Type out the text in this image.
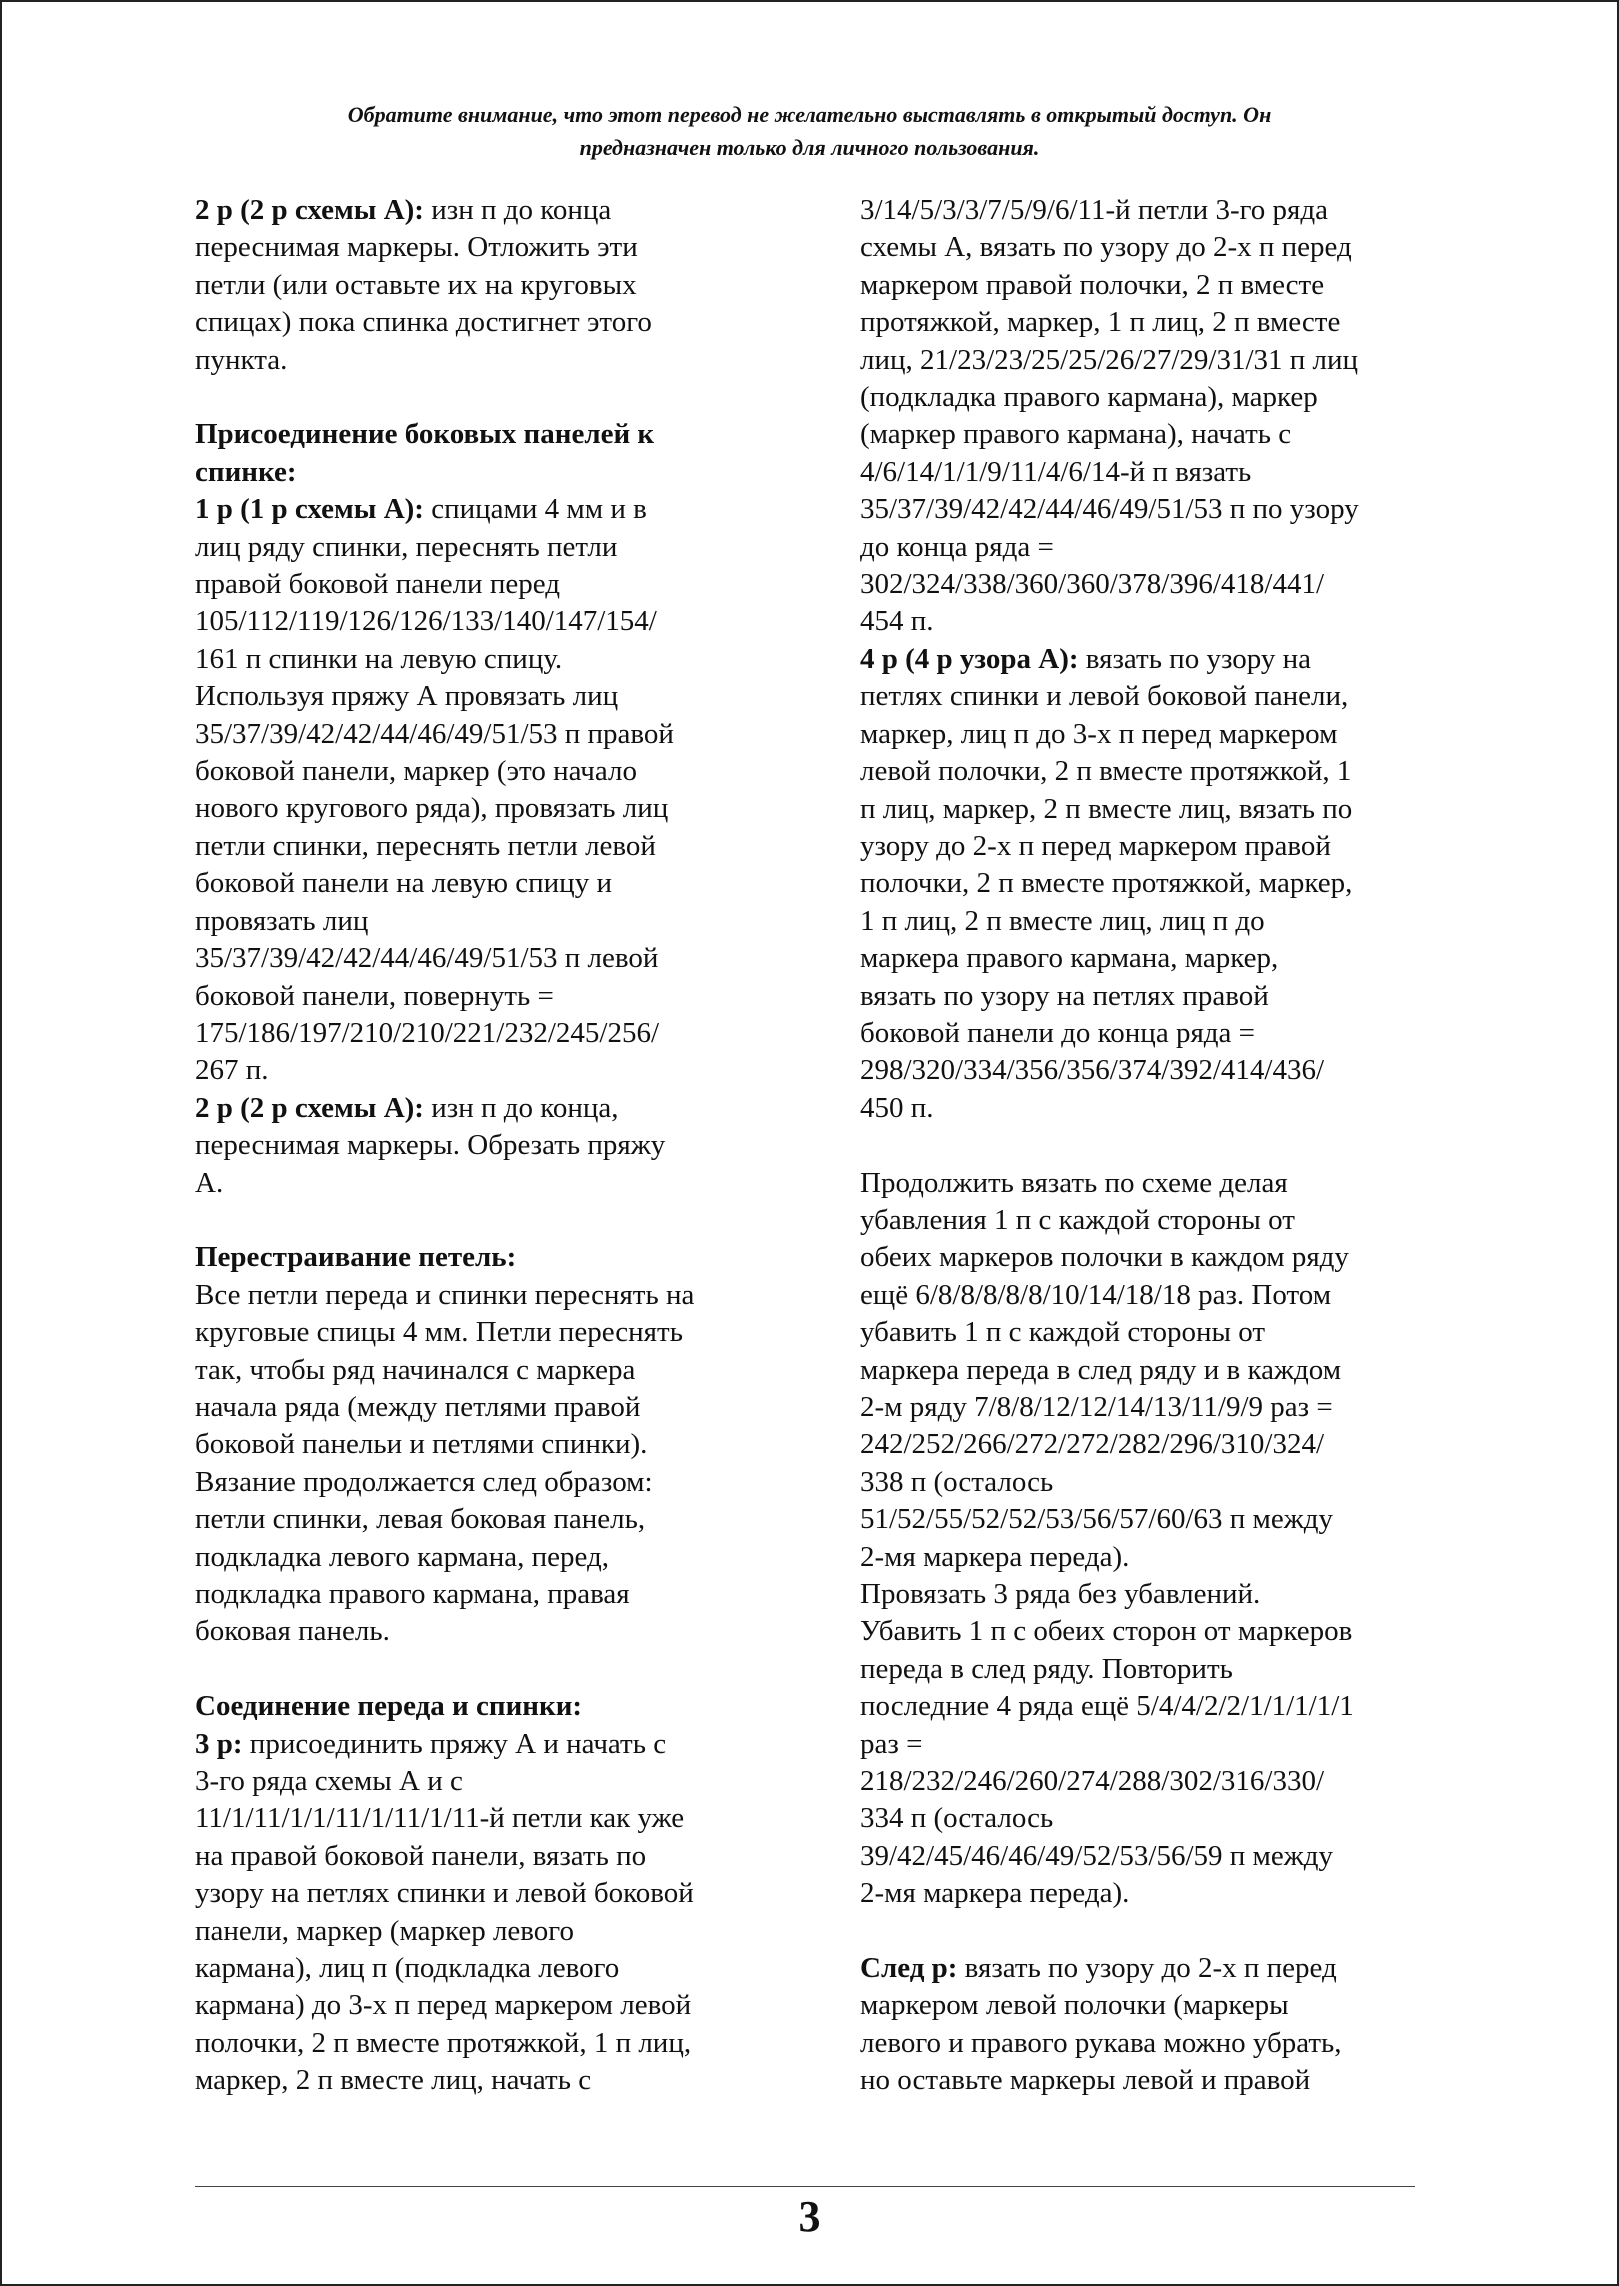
Обратите внимание, что этот перевод не желательно выставлять в открытый доступ. Он
предназначен только для личного пользования.

2 р (2 р схемы А): изн п до конца
переснимая маркеры. Отложить эти
петли (или оставьте их на круговых
спицах) пока спинка достигнет этого
пункта.

Присоединение боковых панелей к
спинке:

1 р (1 р схемы А): спицами 4 мм и в
лиц ряду спинки, переснять петли
правой боковой панели перед
105/112/119/126/126/133/140/147/154/
161 п спинки на левую спицу.
Используя пряжу А провязать лиц
35/37/39/42/42/44/46/49/51/53 п правой
боковой панели, маркер (это начало
нового кругового ряда), провязать лиц
петли спинки, переснять петли левой
боковой панели на левую спицу и
провязать лиц
35/37/39/42/42/44/46/49/51/53 п левой
боковой панели, повернуть =
175/186/197/210/210/221/232/245/256/
267 п.

2 р (2 р схемы А): изн п до конца,
переснимая маркеры. Обрезать пряжу
А.

Перестраивание петель:

Все петли переда и спинки переснять на
круговые спицы 4 мм. Петли переснять
так, чтобы ряд начинался с маркера
начала ряда (между петлями правой
боковой панельи и петлями спинки).
Вязание продолжается след образом:
петли спинки, левая боковая панель,
подкладка левого кармана, перед,
подкладка правого кармана, правая
боковая панель.

Соединение переда и спинки:

3 р: присоединить пряжу А и начать с
3-го ряда схемы А и с
11/1/11/1/1/11/1/11/1/11-й петли как уже
на правой боковой панели, вязать по
узору на петлях спинки и левой боковой
панели, маркер (маркер левого
кармана), лиц п (подкладка левого
кармана) до 3-х п перед маркером левой
полочки, 2 п вместе протяжкой, 1 п лиц,
маркер, 2 п вместе лиц, начать с

3/14/5/3/3/7/5/9/6/11-й петли 3-го ряда
схемы А, вязать по узору до 2-х п перед
маркером правой полочки, 2 п вместе
протяжкой, маркер, 1 п лиц, 2 п вместе
лиц, 21/23/23/25/25/26/27/29/31/31 п лиц
(подкладка правого кармана), маркер
(маркер правого кармана), начать с
4/6/14/1/1/9/11/4/6/14-й п вязать
35/37/39/42/42/44/46/49/51/53 п по узору
до конца ряда =
302/324/338/360/360/378/396/418/441/
454 п.

4 р (4 р узора А): вязать по узору на
петлях спинки и левой боковой панели,
маркер, лиц п до 3-х п перед маркером
левой полочки, 2 п вместе протяжкой, 1
п лиц, маркер, 2 п вместе лиц, вязать по
узору до 2-х п перед маркером правой
полочки, 2 п вместе протяжкой, маркер,
1 п лиц, 2 п вместе лиц, лиц п до
маркера правого кармана, маркер,
вязать по узору на петлях правой
боковой панели до конца ряда =
298/320/334/356/356/374/392/414/436/
450 п.

Продолжить вязать по схеме делая
убавления 1 п с каждой стороны от
обеих маркеров полочки в каждом ряду
ещё 6/8/8/8/8/8/10/14/18/18 раз. Потом
убавить 1 п с каждой стороны от
маркера переда в след ряду и в каждом
2-м ряду 7/8/8/12/12/14/13/11/9/9 раз =
242/252/266/272/272/282/296/310/324/
338 п (осталось
51/52/55/52/52/53/56/57/60/63 п между
2-мя маркера переда).

Провязать 3 ряда без убавлений.
Убавить 1 п с обеих сторон от маркеров
переда в след ряду. Повторить
последние 4 ряда ещё 5/4/4/2/2/1/1/1/1/1
раз =
218/232/246/260/274/288/302/316/330/
334 п (осталось
39/42/45/46/46/49/52/53/56/59 п между
2-мя маркера переда).

След р: вязать по узору до 2-х п перед
маркером левой полочки (маркеры
левого и правого рукава можно убрать,
но оставьте маркеры левой и правой

3
